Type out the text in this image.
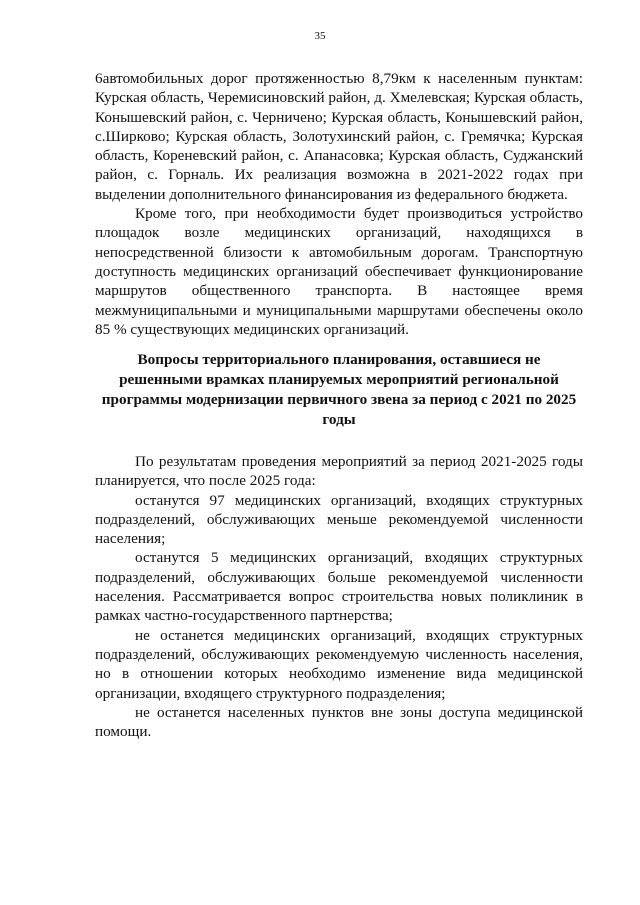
35

6автомобильных дорог протяженностью 8,79км к населенным пунктам: Курская область, Черемисиновский район, д. Хмелевская; Курская область, Конышевский район, с. Черничено; Курская область, Конышевский район, с.Ширково; Курская область, Золотухинский район, с. Гремячка; Курская область, Кореневский район, с. Апанасовка; Курская область, Суджанский район, с. Горналь. Их реализация возможна в 2021-2022 годах при выделении дополнительного финансирования из федерального бюджета.

Кроме того, при необходимости будет производиться устройство площадок возле медицинских организаций, находящихся в непосредственной близости к автомобильным дорогам. Транспортную доступность медицинских организаций обеспечивает функционирование маршрутов общественного транспорта. В настоящее время межмуниципальными и муниципальными маршрутами обеспечены около 85 % существующих медицинских организаций.

Вопросы территориального планирования, оставшиеся не решенными врамках планируемых мероприятий региональной программы модернизации первичного звена за период с 2021 по 2025 годы

По результатам проведения мероприятий за период 2021-2025 годы планируется, что после 2025 года:

останутся 97 медицинских организаций, входящих структурных подразделений, обслуживающих меньше рекомендуемой численности населения;

останутся 5 медицинских организаций, входящих структурных подразделений, обслуживающих больше рекомендуемой численности населения. Рассматривается вопрос строительства новых поликлиник в рамках частно-государственного партнерства;

не останется медицинских организаций, входящих структурных подразделений, обслуживающих рекомендуемую численность населения, но в отношении которых необходимо изменение вида медицинской организации, входящего структурного подразделения;

не останется населенных пунктов вне зоны доступа медицинской помощи.
